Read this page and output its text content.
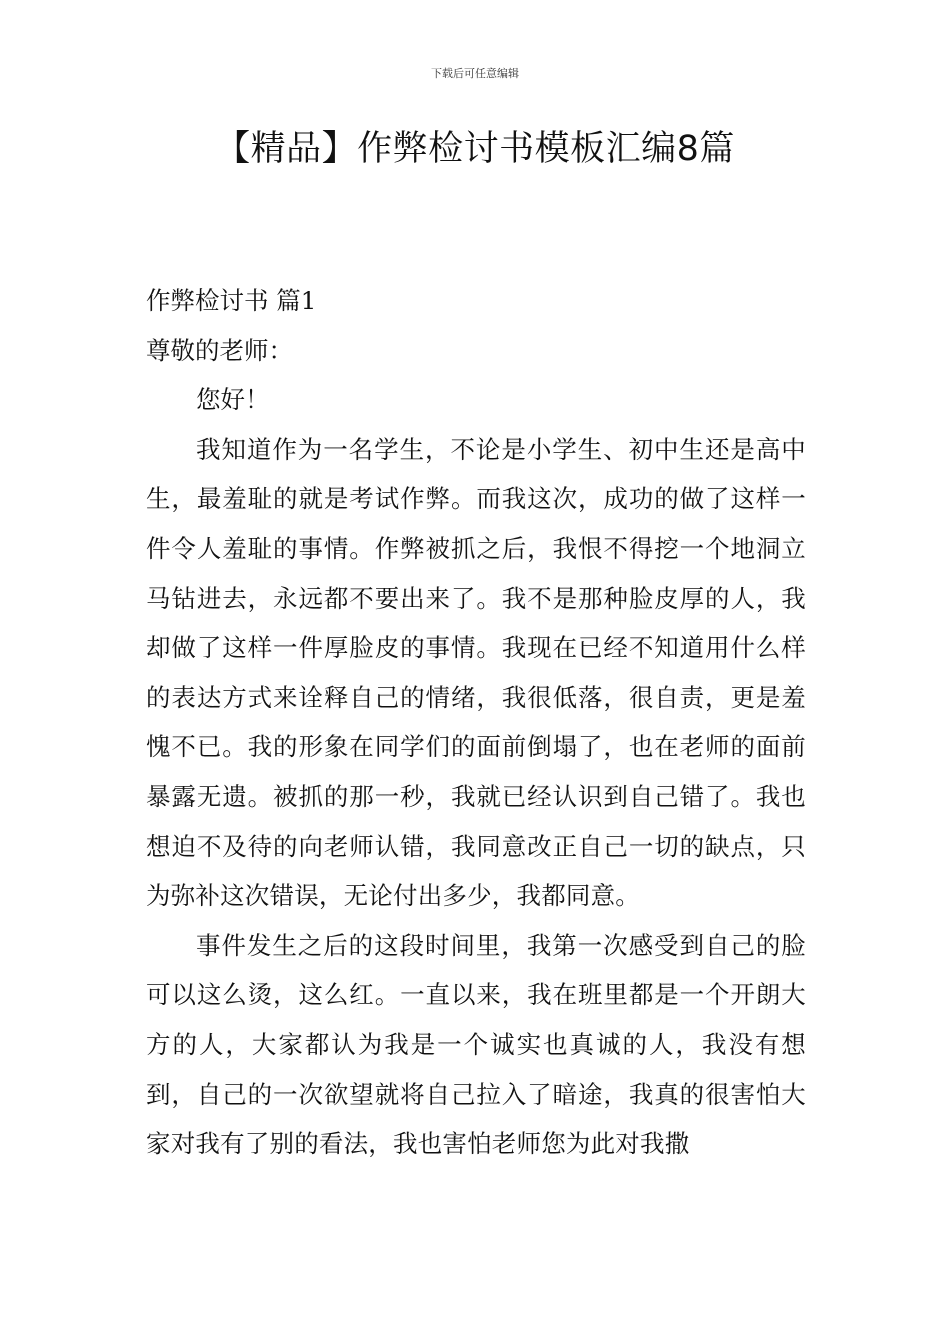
下载后可任意编辑
【精品】作弊检讨书模板汇编8篇

作弊检讨书 篇1

尊敬的老师：

您好！

我知道作为一名学生，不论是小学生、初中生还是高中生，最羞耻的就是考试作弊。而我这次，成功的做了这样一件令人羞耻的事情。作弊被抓之后，我恨不得挖一个地洞立马钻进去，永远都不要出来了。我不是那种脸皮厚的人，我却做了这样一件厚脸皮的事情。我现在已经不知道用什么样的表达方式来诠释自己的情绪，我很低落，很自责，更是羞愧不已。我的形象在同学们的面前倒塌了，也在老师的面前暴露无遗。被抓的那一秒，我就已经认识到自己错了。我也想迫不及待的向老师认错，我同意改正自己一切的缺点，只为弥补这次错误，无论付出多少，我都同意。

事件发生之后的这段时间里，我第一次感受到自己的脸可以这么烫，这么红。一直以来，我在班里都是一个开朗大方的人，大家都认为我是一个诚实也真诚的人，我没有想到，自己的一次欲望就将自己拉入了暗途，我真的很害怕大家对我有了别的看法，我也害怕老师您为此对我撒
